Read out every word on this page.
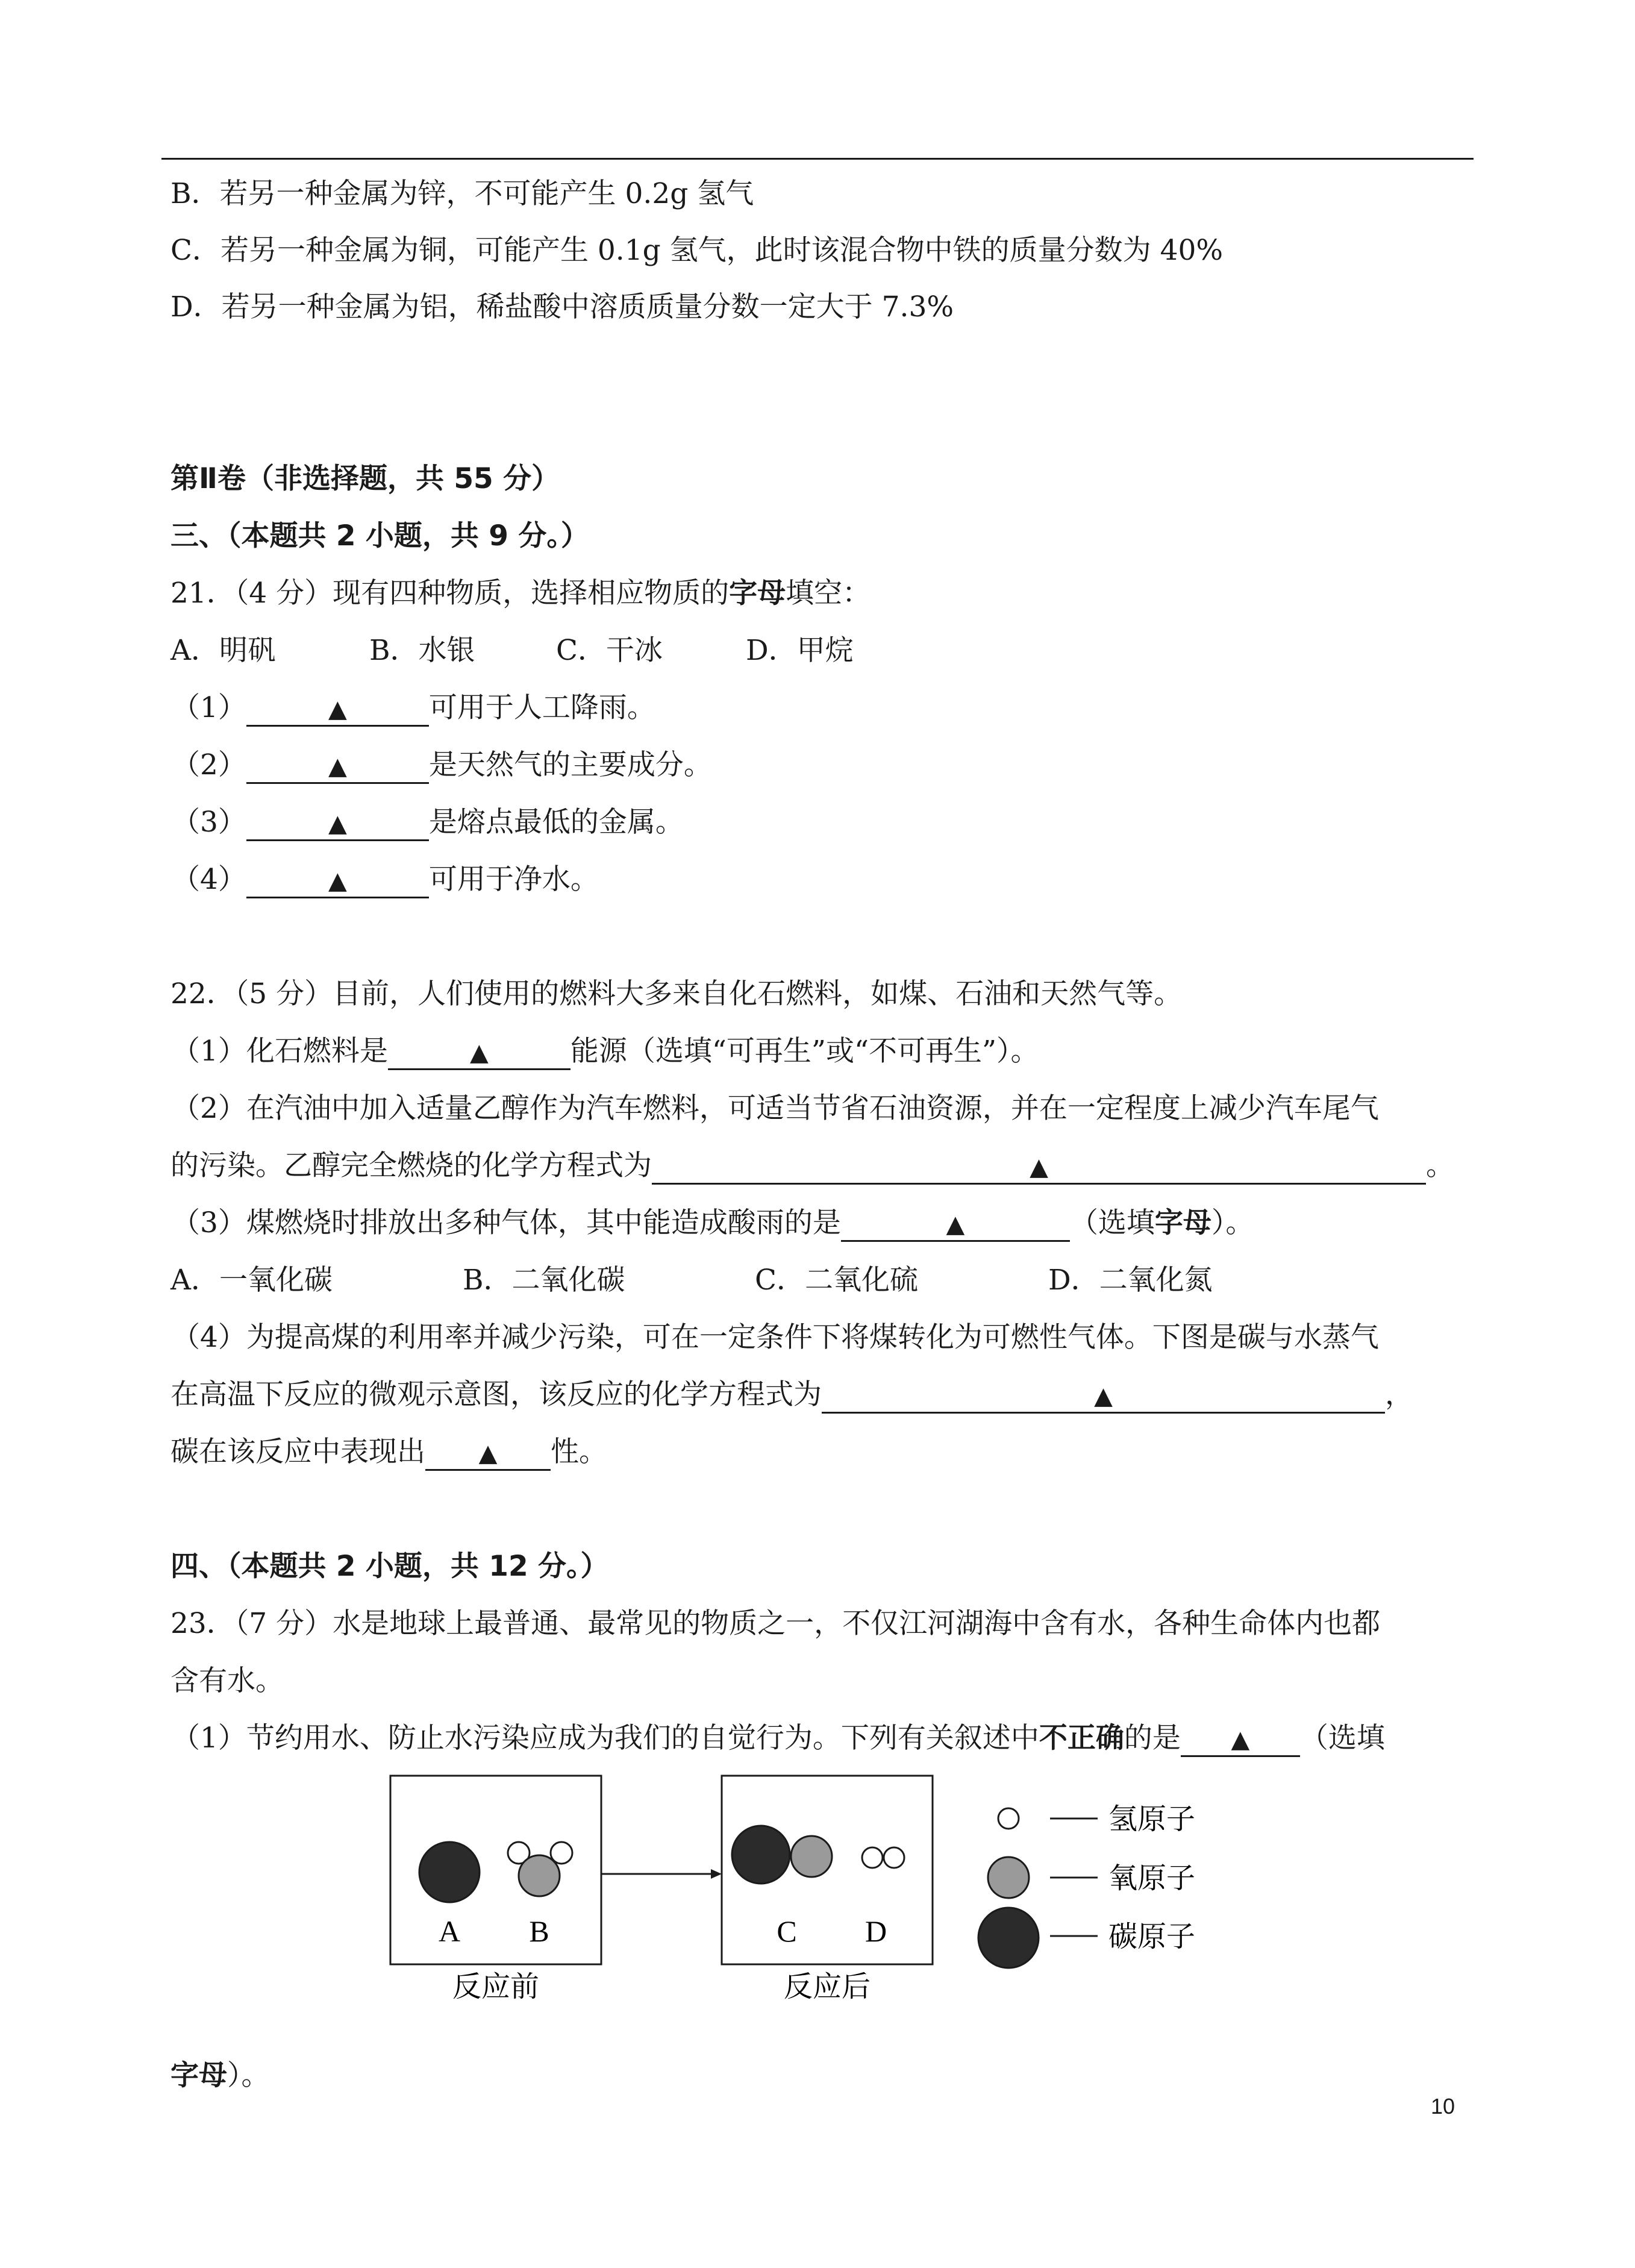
B．若另一种金属为锌，不可能产生 0.2g 氢气
C．若另一种金属为铜，可能产生 0.1g 氢气，此时该混合物中铁的质量分数为 40%
D．若另一种金属为铝，稀盐酸中溶质质量分数一定大于 7.3%
第Ⅱ卷（非选择题，共 55 分）
三、（本题共 2 小题，共 9 分。）
21．（4 分）现有四种物质，选择相应物质的字母填空：
A．明矾	B．水银	C．干冰	D．甲烷
（1）	▲	可用于人工降雨。
（2）	▲	是天然气的主要成分。
（3）	▲	是熔点最低的金属。
（4）	▲	可用于净水。
22．（5 分）目前，人们使用的燃料大多来自化石燃料，如煤、石油和天然气等。
（1）化石燃料是	▲	能源（选填“可再生”或“不可再生”）。
（2）在汽油中加入适量乙醇作为汽车燃料，可适当节省石油资源，并在一定程度上减少汽车尾气
的污染。乙醇完全燃烧的化学方程式为	▲	。
（3）煤燃烧时排放出多种气体，其中能造成酸雨的是	▲	（选填字母）。
A．一氧化碳	B．二氧化碳	C．二氧化硫	D．二氧化氮
（4）为提高煤的利用率并减少污染，可在一定条件下将煤转化为可燃性气体。下图是碳与水蒸气
在高温下反应的微观示意图，该反应的化学方程式为	▲	，
碳在该反应中表现出 ▲ 性。
四、（本题共 2 小题，共 12 分。）
23．（7 分）水是地球上最普通、最常见的物质之一，不仅江河湖海中含有水，各种生命体内也都
含有水。
（1）节约用水、防止水污染应成为我们的自觉行为。下列有关叙述中不正确的是 ▲ （选填
A B	C D
反应前	反应后
氢原子
氧原子
碳原子
字母）。
10
